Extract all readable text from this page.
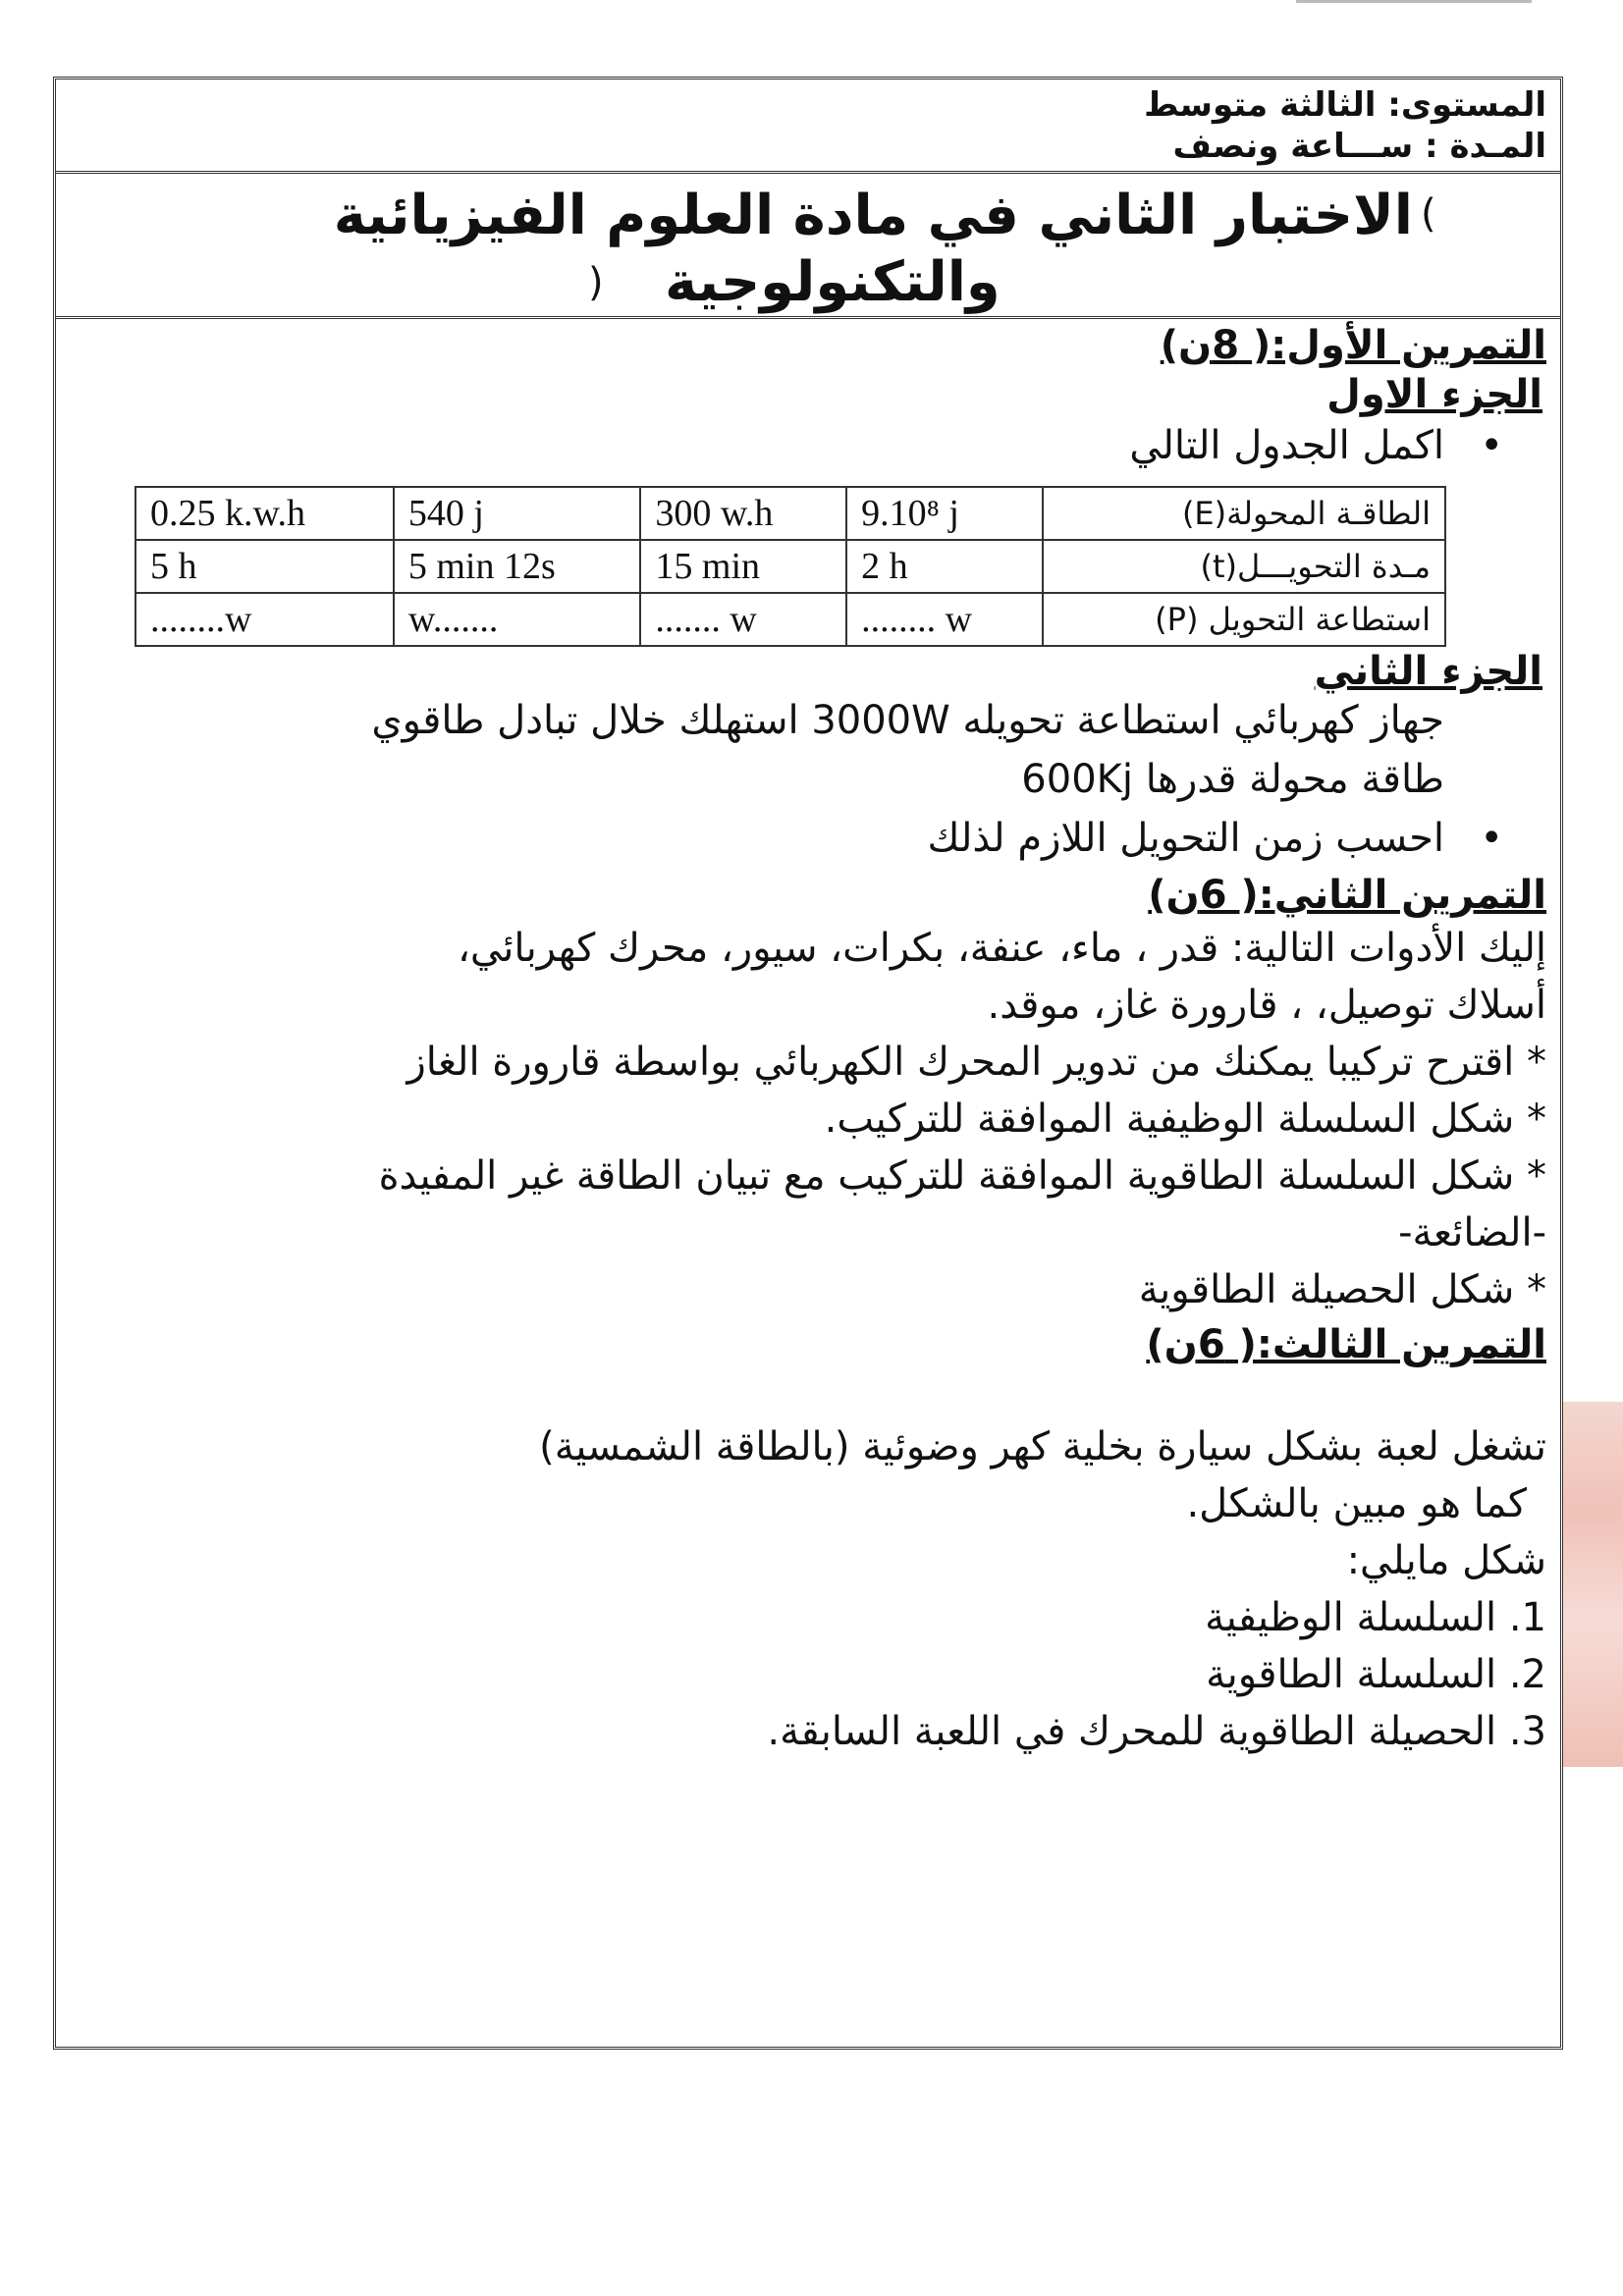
المستوى: الثالثة متوسط
المـدة : ســـاعة ونصف
(
الاختبار الثاني في مادة العلوم الفيزيائية
والتكنولوجية
)
التمرين الأول:( 8ن)
الجزء الاول
• اكمل الجدول التالي
الطاقـة المحولة(E)	9.10⁸ j	300 w.h	540 j	0.25 k.w.h
مـدة التحويـــل(t)	2 h	15 min	5 min 12s	5 h
استطاعة التحويل (P)	........ w	....... w	w.......	........w
الجزء الثاني
جهاز كهربائي استطاعة تحويله 3000W استهلك خلال تبادل طاقوي
طاقة محولة قدرها 600Kj
• احسب زمن التحويل اللازم لذلك
التمرين الثاني:( 6ن)
إليك الأدوات التالية: قدر ، ماء، عنفة، بكرات، سيور، محرك كهربائي،
أسلاك توصيل، ، قارورة غاز، موقد.
* اقترح تركيبا يمكنك من تدوير المحرك الكهربائي بواسطة قارورة الغاز
* شكل السلسلة الوظيفية الموافقة للتركيب.
* شكل السلسلة الطاقوية الموافقة للتركيب مع تبيان الطاقة غير المفيدة
-الضائعة-
* شكل الحصيلة الطاقوية
التمرين الثالث:( 6ن)
تشغل لعبة بشكل سيارة بخلية كهر وضوئية (بالطاقة الشمسية)
كما هو مبين بالشكل.
شكل مايلي:
1. السلسلة الوظيفية
2. السلسلة الطاقوية
3. الحصيلة الطاقوية للمحرك في اللعبة السابقة.
